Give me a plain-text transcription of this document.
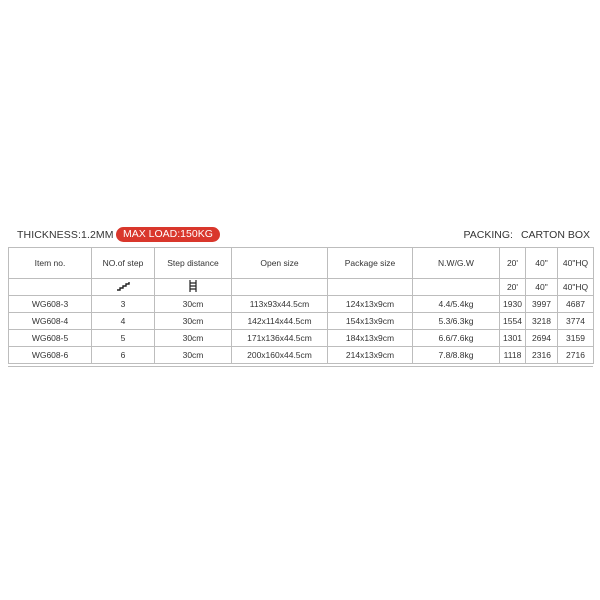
THICKNESS:1.2MM MAX LOAD:150KG	PACKING: CARTON BOX
Item no.	NO.of step	Step distance	Open size	Package size	N.W/G.W	20'	40"	40"HQ
						20'	40"	40"HQ
WG608-3	3	30cm	113x93x44.5cm	124x13x9cm	4.4/5.4kg	1930	3997	4687
WG608-4	4	30cm	142x114x44.5cm	154x13x9cm	5.3/6.3kg	1554	3218	3774
WG608-5	5	30cm	171x136x44.5cm	184x13x9cm	6.6/7.6kg	1301	2694	3159
WG608-6	6	30cm	200x160x44.5cm	214x13x9cm	7.8/8.8kg	1118	2316	2716
